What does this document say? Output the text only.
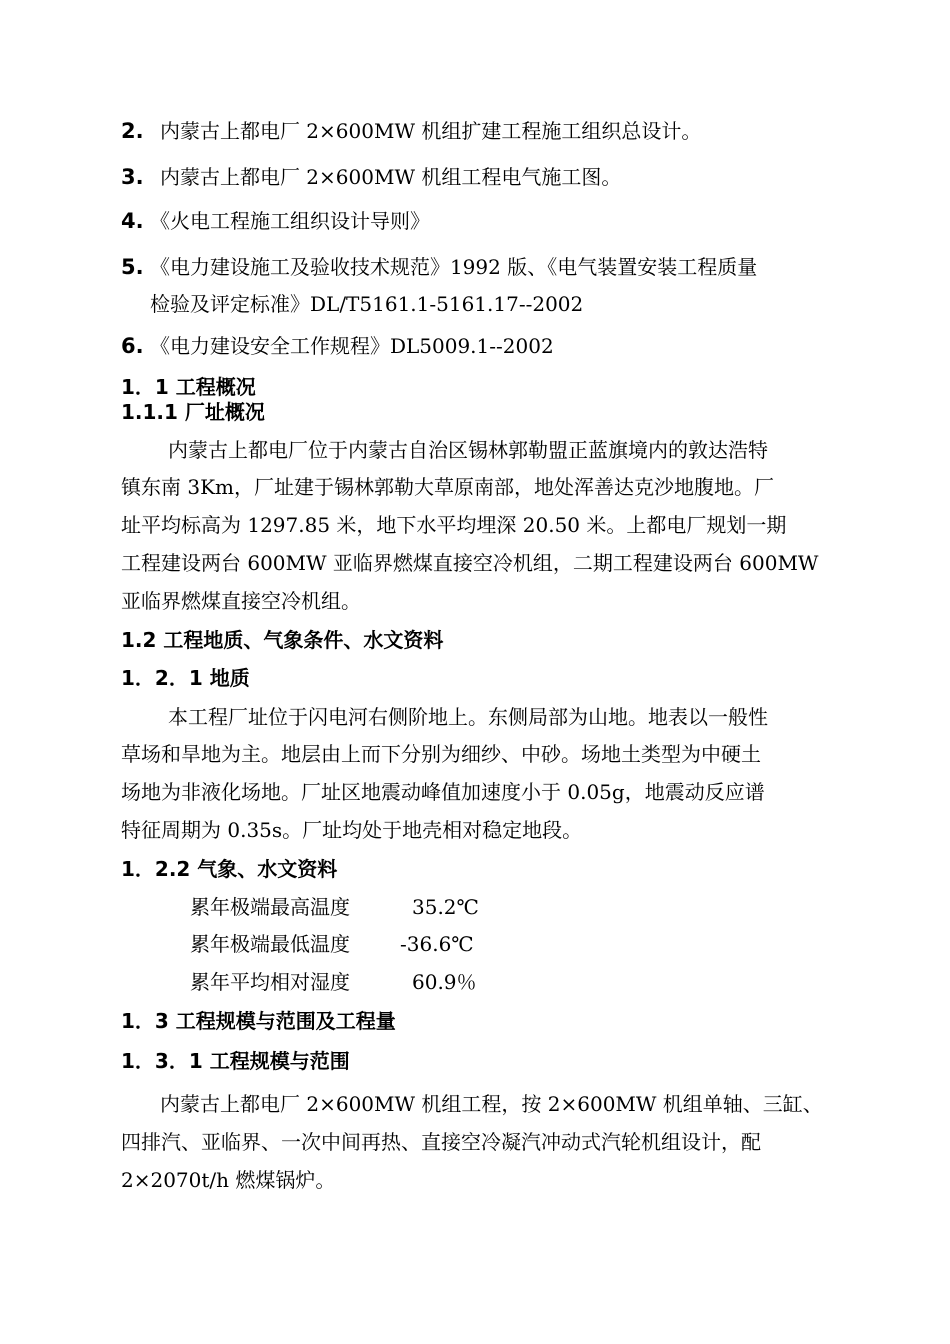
2. 内蒙古上都电厂 2×600MW 机组扩建工程施工组织总设计。
3. 内蒙古上都电厂 2×600MW 机组工程电气施工图。
4. 《火电工程施工组织设计导则》
5. 《电力建设施工及验收技术规范》1992 版、《电气装置安装工程质量
检验及评定标准》DL/T5161.1-5161.17--2002
6. 《电力建设安全工作规程》DL5009.1--2002
1．1 工程概况
1.1.1 厂址概况
内蒙古上都电厂位于内蒙古自治区锡林郭勒盟正蓝旗境内的敦达浩特
镇东南 3Km，厂址建于锡林郭勒大草原南部，地处浑善达克沙地腹地。厂
址平均标高为 1297.85 米，地下水平均埋深 20.50 米。上都电厂规划一期
工程建设两台 600MW 亚临界燃煤直接空冷机组，二期工程建设两台 600MW
亚临界燃煤直接空冷机组。
1.2 工程地质、气象条件、水文资料
1．2．1 地质
本工程厂址位于闪电河右侧阶地上。东侧局部为山地。地表以一般性
草场和旱地为主。地层由上而下分别为细纱、中砂。场地土类型为中硬土
场地为非液化场地。厂址区地震动峰值加速度小于 0.05g，地震动反应谱
特征周期为 0.35s。厂址均处于地壳相对稳定地段。
1．2.2 气象、水文资料
累年极端最高温度	35.2℃
累年极端最低温度	-36.6℃
累年平均相对湿度	60.9％
1．3 工程规模与范围及工程量
1．3．1 工程规模与范围
内蒙古上都电厂 2×600MW 机组工程，按 2×600MW 机组单轴、三缸、
四排汽、亚临界、一次中间再热、直接空冷凝汽冲动式汽轮机组设计，配
2×2070t/h 燃煤锅炉。
